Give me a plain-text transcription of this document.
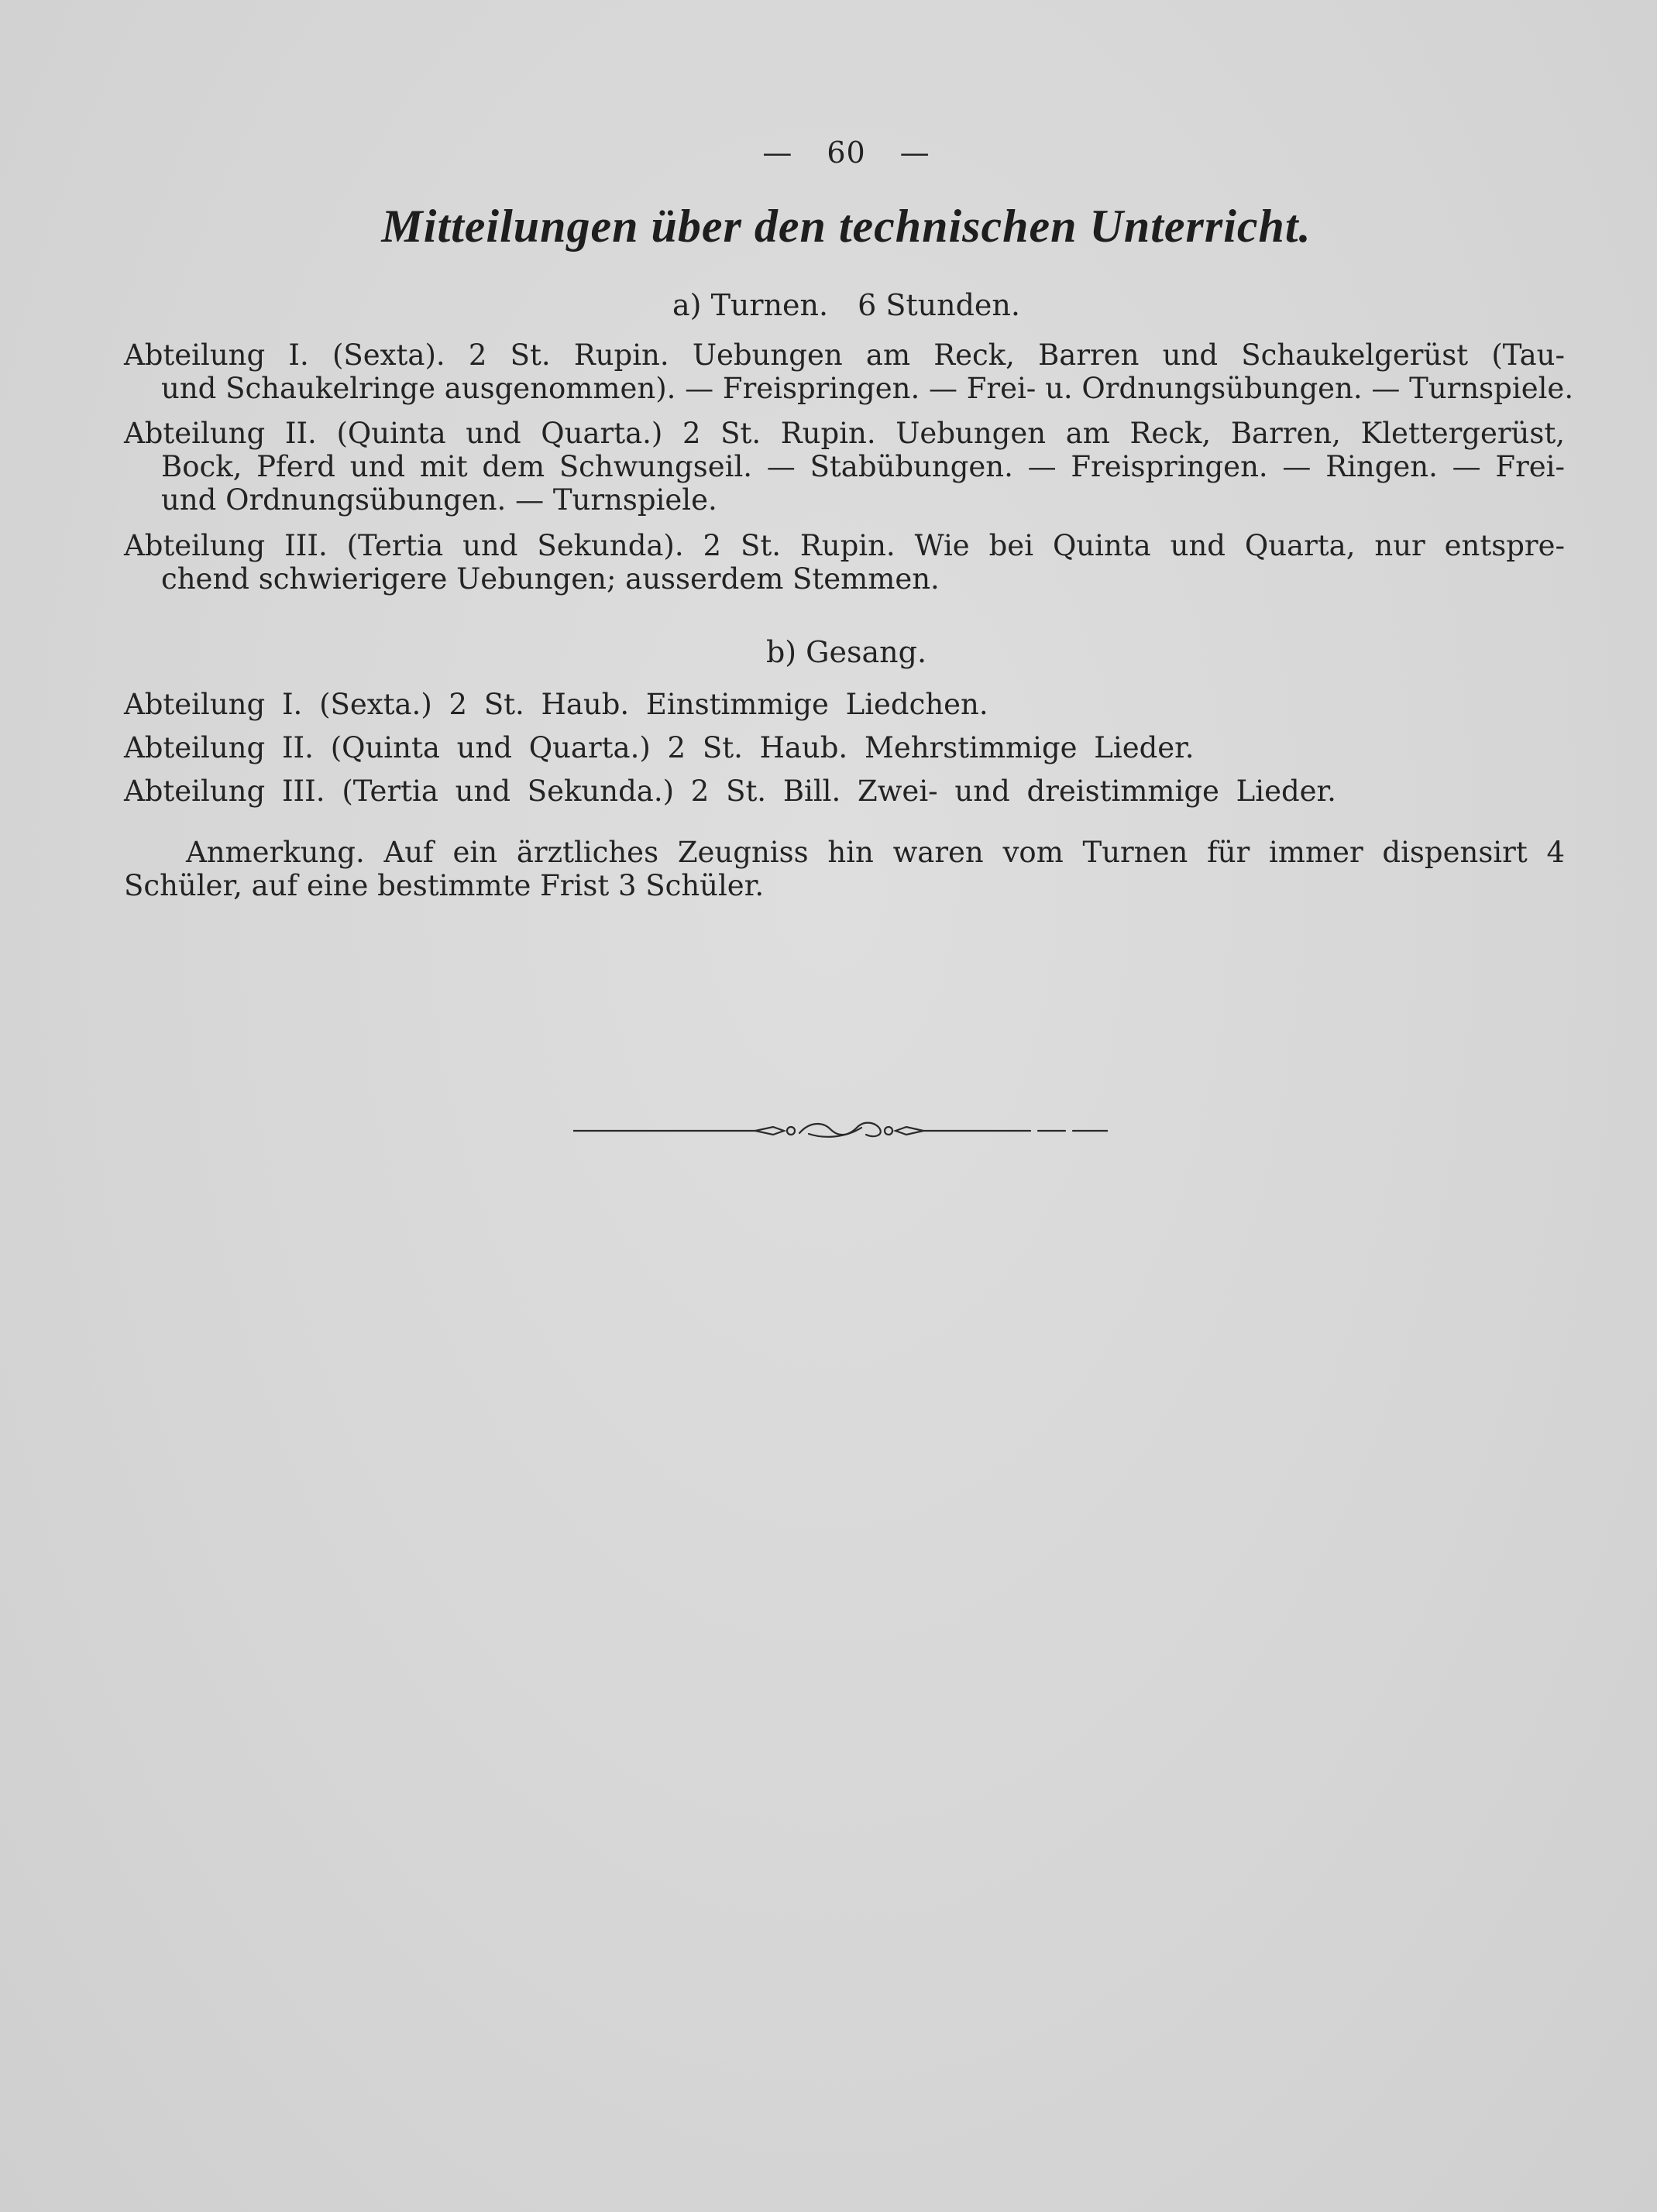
— 60 —
Mitteilungen über den technischen Unterricht.
a) Turnen. 6 Stunden.
Abteilung I. (Sexta). 2 St. Rupin. Uebungen am Reck, Barren und Schaukelgerüst (Tau-
und Schaukelringe ausgenommen). — Freispringen. — Frei- u. Ordnungsübungen. — Turnspiele.
Abteilung II. (Quinta und Quarta.) 2 St. Rupin. Uebungen am Reck, Barren, Klettergerüst,
Bock, Pferd und mit dem Schwungseil. — Stabübungen. — Freispringen. — Ringen. — Frei-
und Ordnungsübungen. — Turnspiele.
Abteilung III. (Tertia und Sekunda). 2 St. Rupin. Wie bei Quinta und Quarta, nur entspre-
chend schwierigere Uebungen; ausserdem Stemmen.
b) Gesang.
Abteilung I. (Sexta.) 2 St. Haub. Einstimmige Liedchen.
Abteilung II. (Quinta und Quarta.) 2 St. Haub. Mehrstimmige Lieder.
Abteilung III. (Tertia und Sekunda.) 2 St. Bill. Zwei- und dreistimmige Lieder.
Anmerkung. Auf ein ärztliches Zeugniss hin waren vom Turnen für immer dispensirt 4
Schüler, auf eine bestimmte Frist 3 Schüler.
